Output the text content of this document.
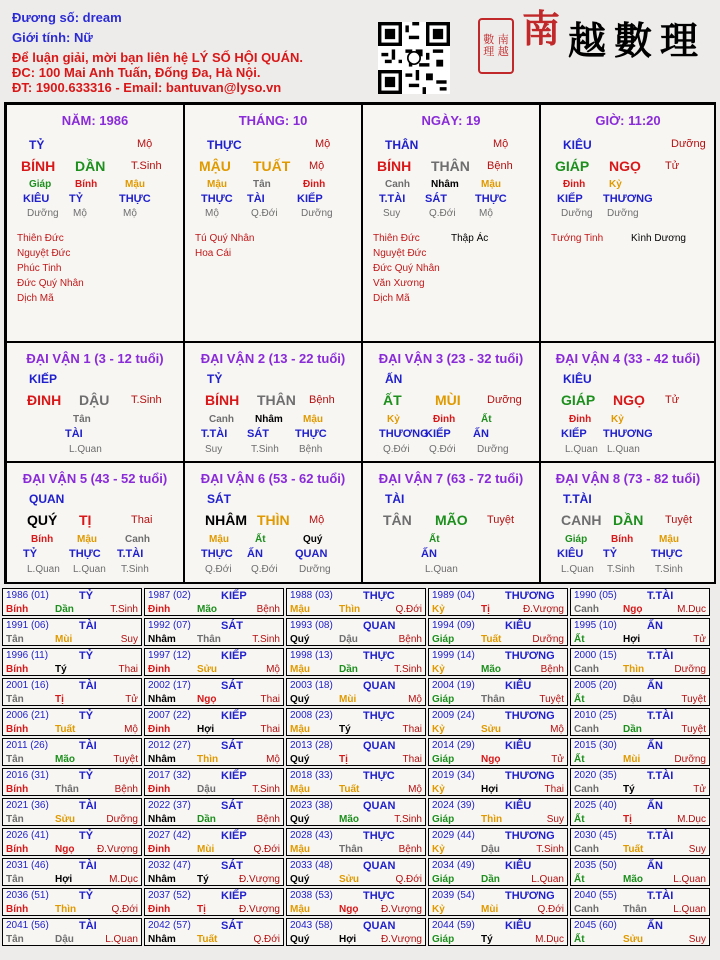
Đương số: dream
Giới tính: Nữ
Để luận giải, mời bạn liên hệ LÝ SỐ HỘI QUÁN.
ĐC: 100 Mai Anh Tuấn, Đống Đa, Hà Nội.
ĐT: 1900.633316 - Email: bantuvan@lyso.vn
數 南
理 越
南 越 數 理
NĂM: 1986
TỶ	Mộ
BÍNH DẦN T.Sinh
Giáp Bính	Mậu
KIÊU TỶ	THỰC
Dưỡng Mộ	Mộ
Thiên Đức
Nguyệt Đức
Phúc Tinh
Đức Quý Nhân
Dịch Mã
THÁNG: 10
THỰC	Mộ
MẬU TUẤT Mộ
Mậu	Tân	Đinh
THỰC TÀI	KIẾP
Mộ	Q.Đới Dưỡng
Tú Quý Nhân
Hoa Cái
NGÀY: 19
THÂN	Mộ
BÍNH THÂN Bệnh
Canh Nhâm Mậu
T.TÀI SÁT	THỰC
Suy	Q.Đới Mộ
Thiên Đức
Nguyệt Đức
Đức Quý Nhân
Văn Xương
Dịch Mã
Thập Ác
GIỜ: 11:20
KIÊU	Dưỡng
GIÁP NGỌ Tử
Đinh Kỷ
KIẾP THƯƠNG
Dưỡng Dưỡng
Tướng Tinh	Kình Dương
ĐẠI VẬN 1 (3 - 12 tuổi)
KIẾP
ĐINH DẬU T.Sinh
Tân
TÀI
L.Quan
ĐẠI VẬN 2 (13 - 22 tuổi)
TỶ
BÍNH THÂN Bệnh
Canh Nhâm Mậu
T.TÀI SÁT THỰC
Suy	T.Sinh Bệnh
ĐẠI VẬN 3 (23 - 32 tuổi)
ẤN
ẤT MÙI Dưỡng
Kỷ	Đinh	Ất
THƯƠNG
KIẾP ẤN
Q.Đới Q.Đới Dưỡng
ĐẠI VẬN 4 (33 - 42 tuổi)
KIÊU
GIÁP NGỌ Tử
Đinh Kỷ
KIẾP THƯƠNG
L.Quan L.Quan
ĐẠI VẬN 5 (43 - 52 tuổi)
QUAN
QUÝ TỊ	Thai
Bính Mậu	Canh
TỶ	THỰC T.TÀI
L.Quan L.Quan T.Sinh
ĐẠI VẬN 6 (53 - 62 tuổi)
SÁT
NHÂM THÌN Mộ
Mậu	Ất	Quý
THỰC ẤN	QUAN
Q.Đới Q.Đới Dưỡng
ĐẠI VẬN 7 (63 - 72 tuổi)
TÀI
TÂN MÃO Tuyệt
Ất
ẤN
L.Quan
ĐẠI VẬN 8 (73 - 82 tuổi)
T.TÀI
CANH DẦN Tuyệt
Giáp Bính	Mậu
KIÊU TỶ	THỰC
L.Quan T.Sinh T.Sinh
1986 (01)	TỶ
Bính	Dần	T.Sinh
1987 (02)	KIẾP
Đinh	Mão	Bệnh
1988 (03)	THỰC
Mậu	Thìn	Q.Đới
1989 (04)	THƯƠNG
Kỷ	Tị	Đ.Vượng
1990 (05)	T.TÀI
Canh Ngọ	M.Dục
1991 (06)	TÀI
Tân	Mùi	Suy
1992 (07)	SÁT
Nhâm Thân	T.Sinh
1993 (08)	QUAN
Quý	Dậu	Bệnh
1994 (09)	KIÊU
Giáp	Tuất	Dưỡng
1995 (10)	ẤN
Ất	Hợi	Tử
1996 (11)	TỶ
Bính	Tý	Thai
1997 (12)	KIẾP
Đinh	Sửu	Mộ
1998 (13)	THỰC
Mậu	Dần	T.Sinh
1999 (14)	THƯƠNG
Kỷ	Mão	Bệnh
2000 (15)	T.TÀI
Canh Thìn	Dưỡng
2001 (16)	TÀI
Tân	Tị	Tử
2002 (17)	SÁT
Nhâm Ngọ	Thai
2003 (18)	QUAN
Quý	Mùi	Mộ
2004 (19)	KIÊU
Giáp	Thân	Tuyệt
2005 (20)	ẤN
Ất	Dậu	Tuyệt
2006 (21)	TỶ
Bính	Tuất	Mộ
2007 (22)	KIẾP
Đinh	Hợi	Thai
2008 (23)	THỰC
Mậu	Tý	Thai
2009 (24)	THƯƠNG
Kỷ	Sửu	Mộ
2010 (25)	T.TÀI
Canh Dần	Tuyệt
2011 (26)	TÀI
Tân	Mão	Tuyệt
2012 (27)	SÁT
Nhâm Thìn	Mộ
2013 (28)	QUAN
Quý	Tị	Thai
2014 (29)	KIÊU
Giáp	Ngọ	Tử
2015 (30)	ẤN
Ất	Mùi	Dưỡng
2016 (31)	TỶ
Bính	Thân	Bệnh
2017 (32)	KIẾP
Đinh	Dậu	T.Sinh
2018 (33)	THỰC
Mậu	Tuất	Mộ
2019 (34)	THƯƠNG
Kỷ	Hợi	Thai
2020 (35)	T.TÀI
Canh Tý	Tử
2021 (36)	TÀI
Tân	Sửu	Dưỡng
2022 (37)	SÁT
Nhâm Dần	Bệnh
2023 (38)	QUAN
Quý	Mão	T.Sinh
2024 (39)	KIÊU
Giáp	Thìn	Suy
2025 (40)	ẤN
Ất	Tị	M.Dục
2026 (41)	TỶ
Bính	Ngọ Đ.Vượng
2027 (42)	KIẾP
Đinh	Mùi	Q.Đới
2028 (43)	THỰC
Mậu	Thân	Bệnh
2029 (44)	THƯƠNG
Kỷ	Dậu	T.Sinh
2030 (45)	T.TÀI
Canh Tuất	Suy
2031 (46)	TÀI
Tân	Hợi	M.Dục
2032 (47)	SÁT
Nhâm Tý	Đ.Vượng
2033 (48)	QUAN
Quý	Sửu	Q.Đới
2034 (49)	KIÊU
Giáp	Dần	L.Quan
2035 (50)	ẤN
Ất	Mão	L.Quan
2036 (51)	TỶ
Bính	Thìn	Q.Đới
2037 (52)	KIẾP
Đinh	Tị	Đ.Vượng
2038 (53)	THỰC
Mậu	Ngọ Đ.Vượng
2039 (54)	THƯƠNG
Kỷ	Mùi	Q.Đới
2040 (55)	T.TÀI
Canh Thân	L.Quan
2041 (56)	TÀI
Tân	Dậu	L.Quan
2042 (57)	SÁT
Nhâm Tuất	Q.Đới
2043 (58)	QUAN
Quý	Hợi Đ.Vượng
2044 (59)	KIÊU
Giáp	Tý	M.Dục
2045 (60)	ẤN
Ất	Sửu	Suy
